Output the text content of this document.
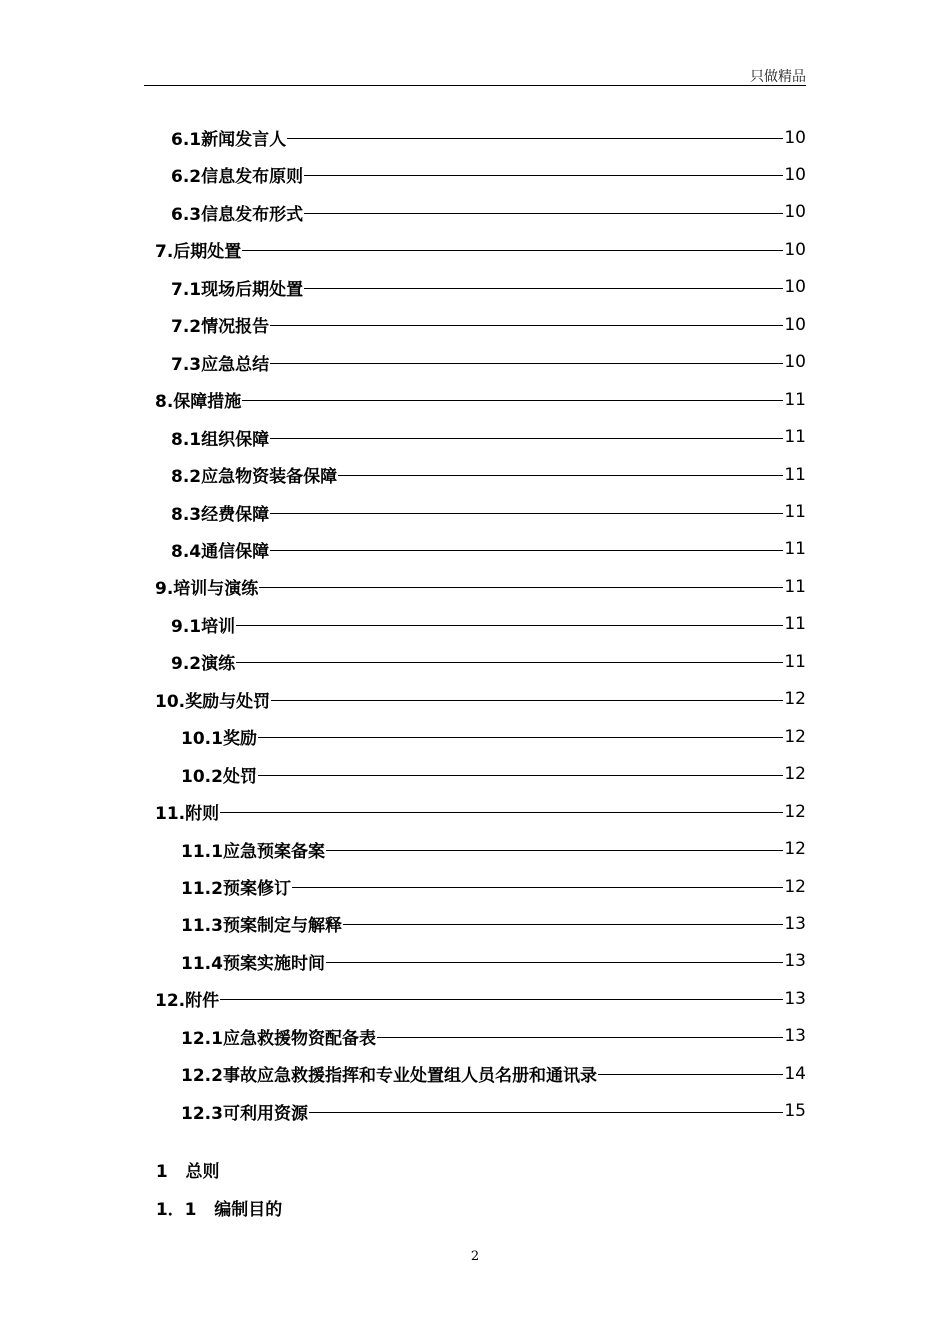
只做精品
6.1新闻发言人	10
6.2信息发布原则	10
6.3信息发布形式	10
7.后期处置	10
7.1现场后期处置	10
7.2情况报告	10
7.3应急总结	10
8.保障措施	11
8.1组织保障	11
8.2应急物资装备保障	11
8.3经费保障	11
8.4通信保障	11
9.培训与演练	11
9.1培训	11
9.2演练	11
10.奖励与处罚	12
10.1奖励	12
10.2处罚	12
11.附则	12
11.1应急预案备案	12
11.2预案修订	12
11.3预案制定与解释	13
11.4预案实施时间	13
12.附件	13
12.1应急救援物资配备表	13
12.2事故应急救援指挥和专业处置组人员名册和通讯录	14
12.3可利用资源	15

1 总则

1．1 编制目的

2
